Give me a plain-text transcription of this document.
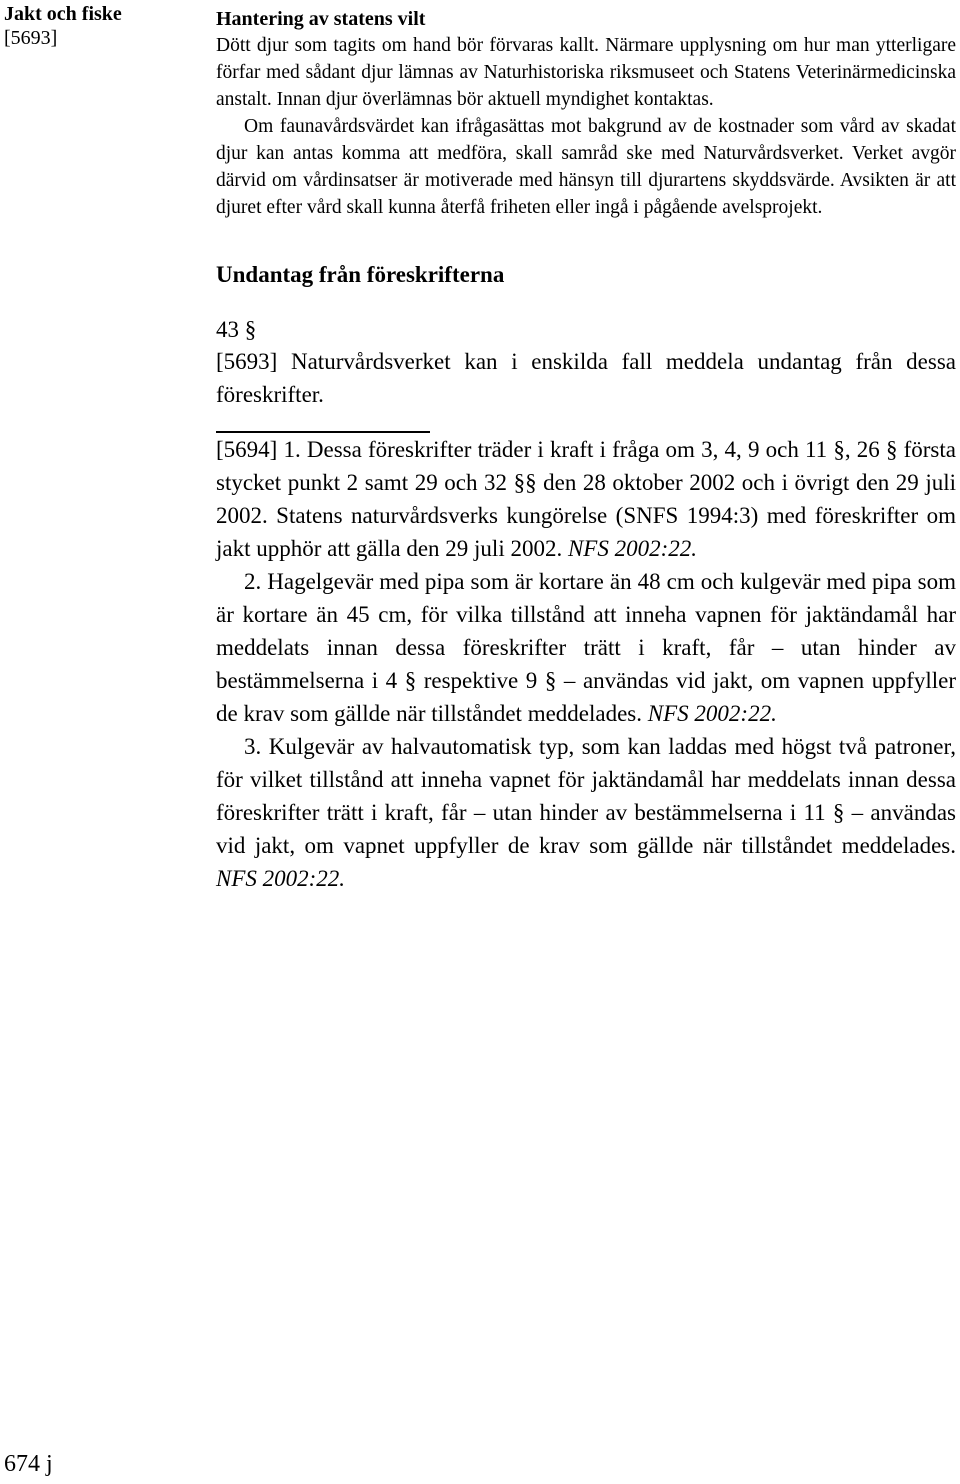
Jakt och fiske
[5693]
Hantering av statens vilt

Dött djur som tagits om hand bör förvaras kallt. Närmare upplysning om hur man ytterligare förfar med sådant djur lämnas av Naturhistoriska riksmuseet och Statens Veterinärmedicinska anstalt. Innan djur överlämnas bör aktuell myndighet kontaktas.

Om faunavårdsvärdet kan ifrågasättas mot bakgrund av de kostnader som vård av skadat djur kan antas komma att medföra, skall samråd ske med Naturvårdsverket. Verket avgör därvid om vårdinsatser är motiverade med hänsyn till djurartens skyddsvärde. Avsikten är att djuret efter vård skall kunna återfå friheten eller ingå i pågående avelsprojekt.

Undantag från föreskrifterna
43 §

[5693] Naturvårdsverket kan i enskilda fall meddela undantag från dessa föreskrifter.

[5694] 1. Dessa föreskrifter träder i kraft i fråga om 3, 4, 9 och 11 §, 26 § första stycket punkt 2 samt 29 och 32 §§ den 28 oktober 2002 och i övrigt den 29 juli 2002. Statens naturvårdsverks kungörelse (SNFS 1994:3) med föreskrifter om jakt upphör att gälla den 29 juli 2002. NFS 2002:22.

2. Hagelgevär med pipa som är kortare än 48 cm och kulgevär med pipa som är kortare än 45 cm, för vilka tillstånd att inneha vapnen för jaktändamål har meddelats innan dessa föreskrifter trätt i kraft, får – utan hinder av bestämmelserna i 4 § respektive 9 § – användas vid jakt, om vapnen uppfyller de krav som gällde när tillståndet meddelades. NFS 2002:22.

3. Kulgevär av halvautomatisk typ, som kan laddas med högst två patroner, för vilket tillstånd att inneha vapnet för jaktändamål har meddelats innan dessa föreskrifter trätt i kraft, får – utan hinder av bestämmelserna i 11 § – användas vid jakt, om vapnet uppfyller de krav som gällde när tillståndet meddelades. NFS 2002:22.

674 j
